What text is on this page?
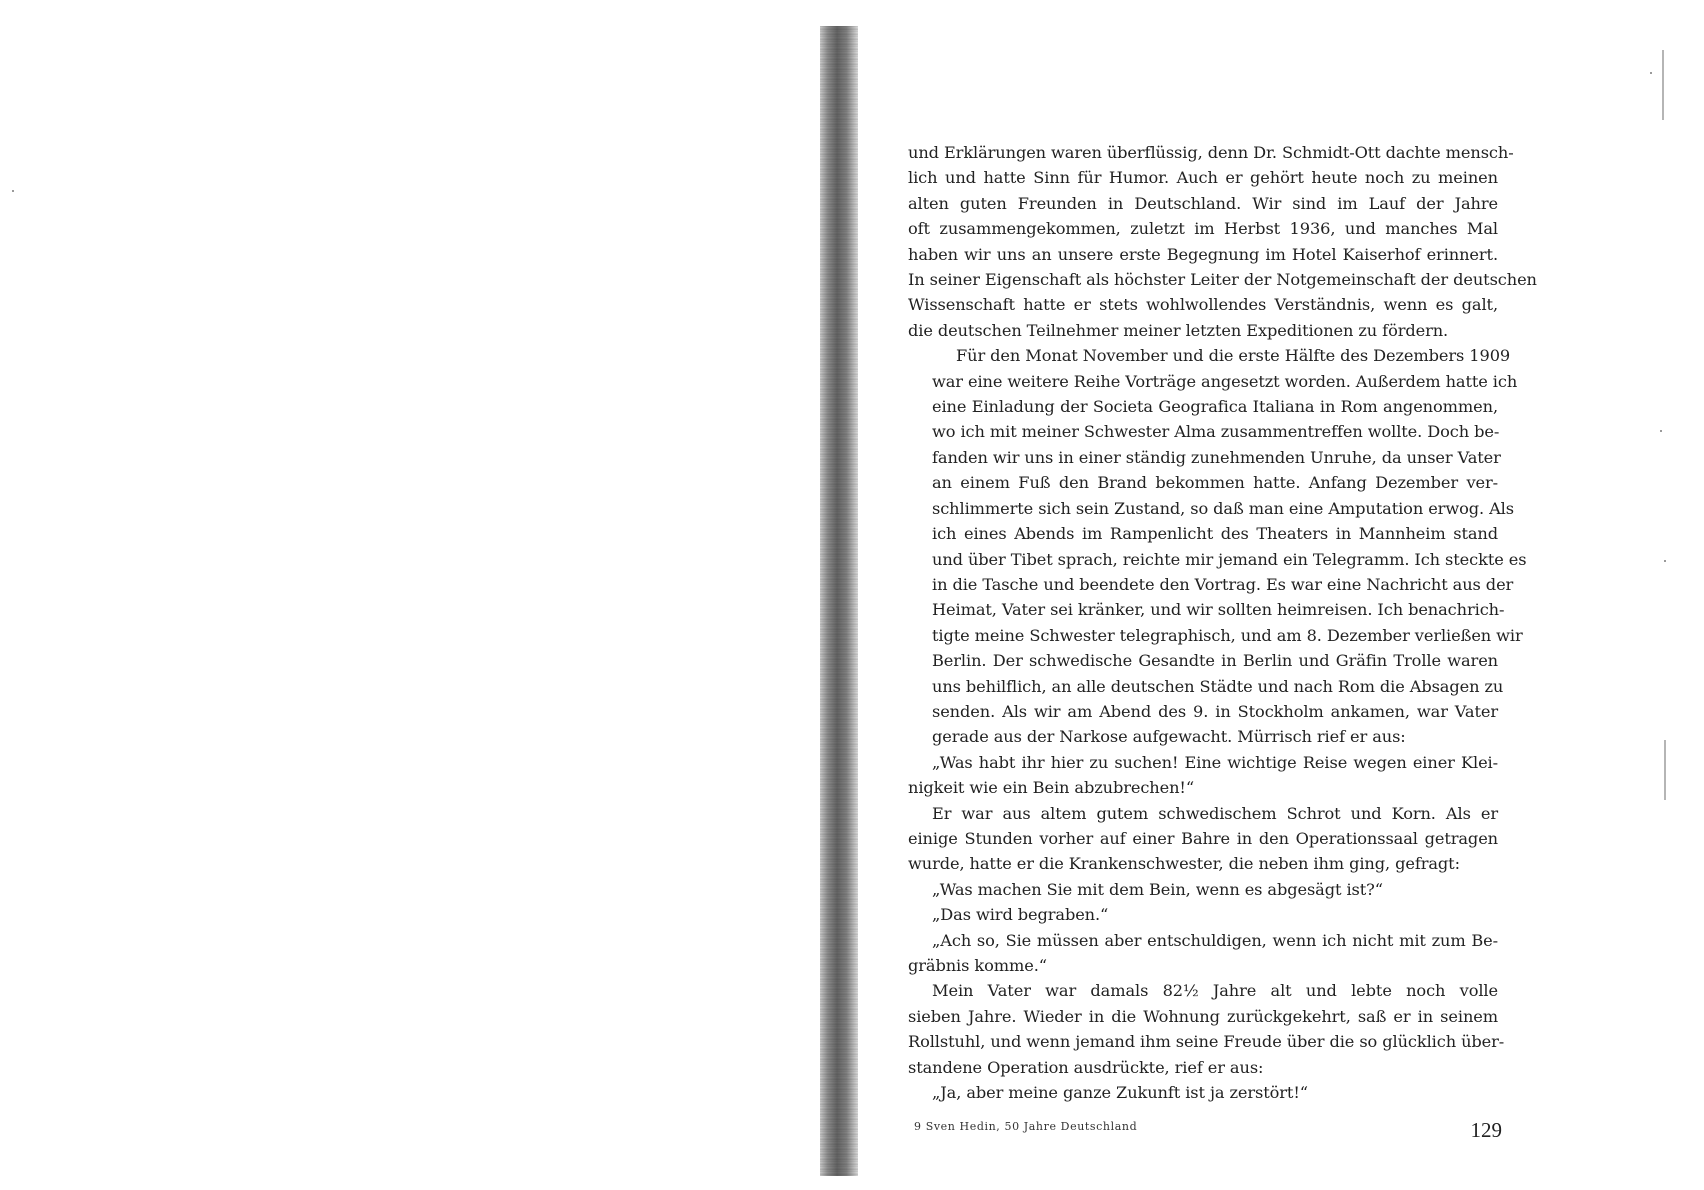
und Erklärungen waren überflüssig, denn Dr. Schmidt-Ott dachte mensch-
lich und hatte Sinn für Humor. Auch er gehört heute noch zu meinen
alten guten Freunden in Deutschland. Wir sind im Lauf der Jahre
oft zusammengekommen, zuletzt im Herbst 1936, und manches Mal
haben wir uns an unsere erste Begegnung im Hotel Kaiserhof erinnert.
In seiner Eigenschaft als höchster Leiter der Notgemeinschaft der deutschen
Wissenschaft hatte er stets wohlwollendes Verständnis, wenn es galt,
die deutschen Teilnehmer meiner letzten Expeditionen zu fördern.

Für den Monat November und die erste Hälfte des Dezembers 1909
war eine weitere Reihe Vorträge angesetzt worden. Außerdem hatte ich
eine Einladung der Societa Geografica Italiana in Rom angenommen,
wo ich mit meiner Schwester Alma zusammentreffen wollte. Doch be-
fanden wir uns in einer ständig zunehmenden Unruhe, da unser Vater
an einem Fuß den Brand bekommen hatte. Anfang Dezember ver-
schlimmerte sich sein Zustand, so daß man eine Amputation erwog. Als
ich eines Abends im Rampenlicht des Theaters in Mannheim stand
und über Tibet sprach, reichte mir jemand ein Telegramm. Ich steckte es
in die Tasche und beendete den Vortrag. Es war eine Nachricht aus der
Heimat, Vater sei kränker, und wir sollten heimreisen. Ich benachrich-
tigte meine Schwester telegraphisch, und am 8. Dezember verließen wir
Berlin. Der schwedische Gesandte in Berlin und Gräfin Trolle waren
uns behilflich, an alle deutschen Städte und nach Rom die Absagen zu
senden. Als wir am Abend des 9. in Stockholm ankamen, war Vater
gerade aus der Narkose aufgewacht. Mürrisch rief er aus:

„Was habt ihr hier zu suchen! Eine wichtige Reise wegen einer Klei-
nigkeit wie ein Bein abzubrechen!“

Er war aus altem gutem schwedischem Schrot und Korn. Als er
einige Stunden vorher auf einer Bahre in den Operationssaal getragen
wurde, hatte er die Krankenschwester, die neben ihm ging, gefragt:

„Was machen Sie mit dem Bein, wenn es abgesägt ist?“

„Das wird begraben.“

„Ach so, Sie müssen aber entschuldigen, wenn ich nicht mit zum Be-
gräbnis komme.“

Mein Vater war damals 82½ Jahre alt und lebte noch volle
sieben Jahre. Wieder in die Wohnung zurückgekehrt, saß er in seinem
Rollstuhl, und wenn jemand ihm seine Freude über die so glücklich über-
standene Operation ausdrückte, rief er aus:

„Ja, aber meine ganze Zukunft ist ja zerstört!“

9 Sven Hedin, 50 Jahre Deutschland	129
